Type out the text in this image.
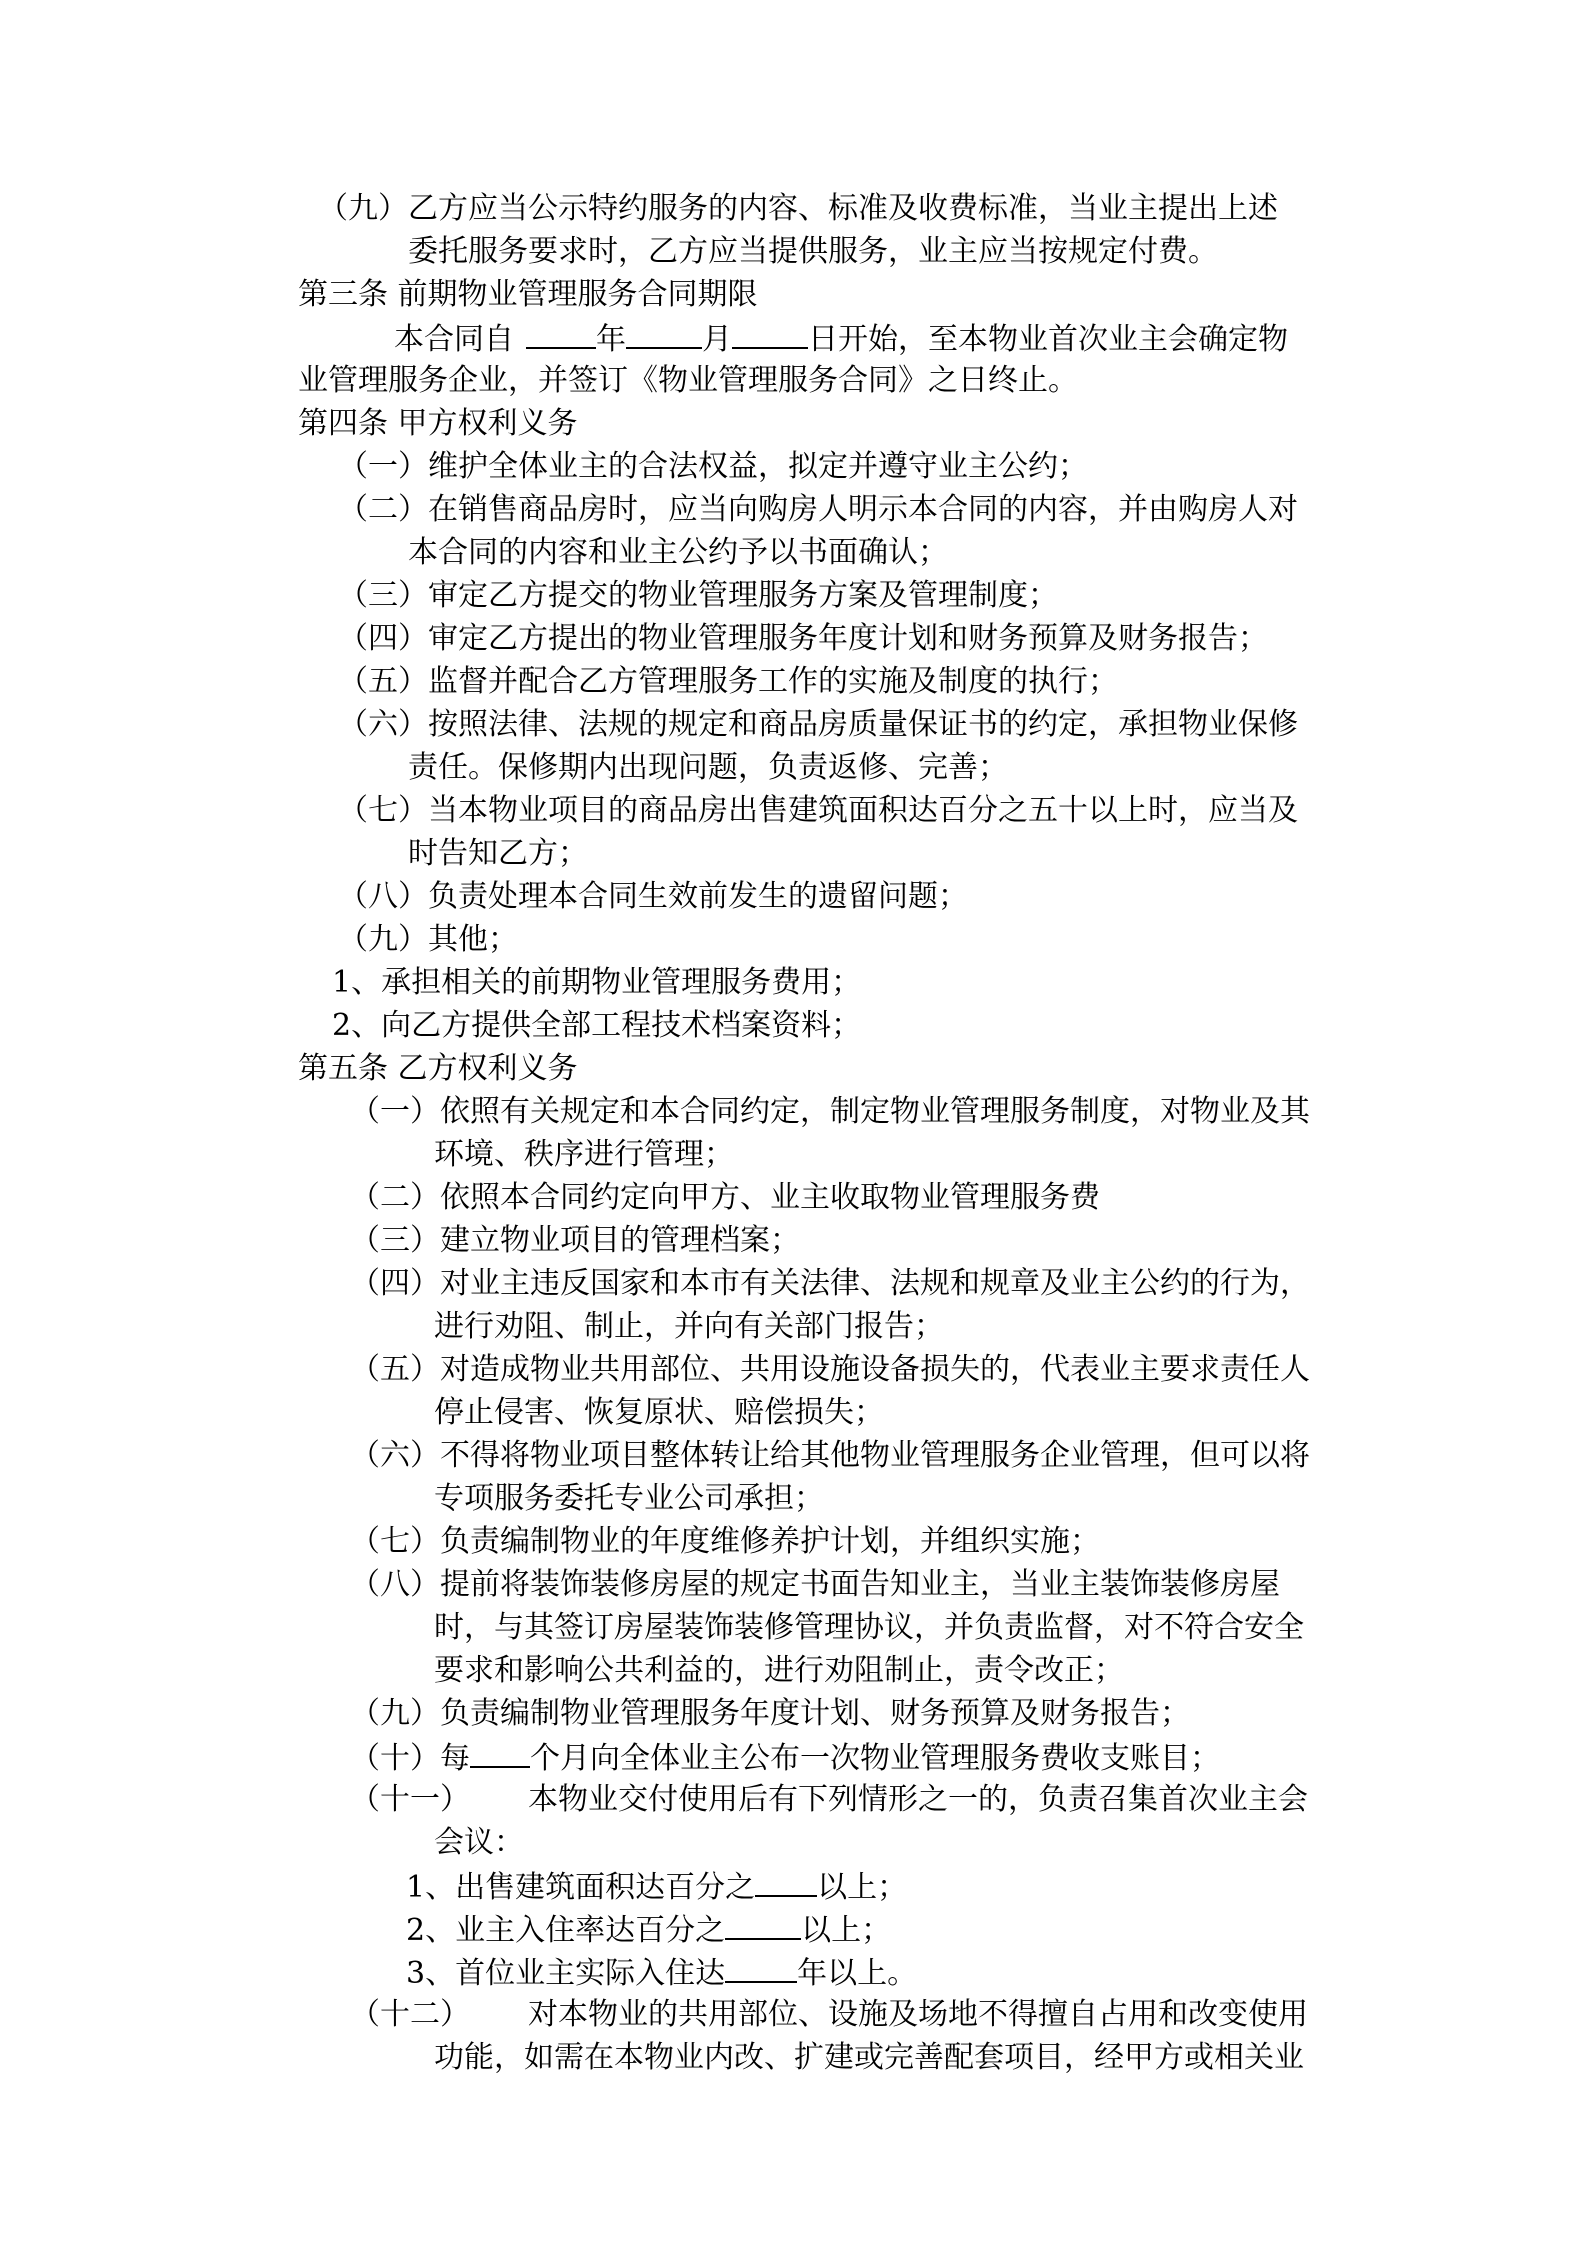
（九）乙方应当公示特约服务的内容、标准及收费标准，当业主提出上述
委托服务要求时，乙方应当提供服务，业主应当按规定付费。
第三条 前期物业管理服务合同期限
本合同自	年	月	日开始，至本物业首次业主会确定物
业管理服务企业，并签订《物业管理服务合同》之日终止。
第四条 甲方权利义务
（一）维护全体业主的合法权益，拟定并遵守业主公约；
（二）在销售商品房时，应当向购房人明示本合同的内容，并由购房人对
本合同的内容和业主公约予以书面确认；
（三）审定乙方提交的物业管理服务方案及管理制度；
（四）审定乙方提出的物业管理服务年度计划和财务预算及财务报告；
（五）监督并配合乙方管理服务工作的实施及制度的执行；
（六）按照法律、法规的规定和商品房质量保证书的约定，承担物业保修
责任。保修期内出现问题，负责返修、完善；
（七）当本物业项目的商品房出售建筑面积达百分之五十以上时，应当及
时告知乙方；
（八）负责处理本合同生效前发生的遗留问题；
（九）其他；
1、承担相关的前期物业管理服务费用；
2、向乙方提供全部工程技术档案资料；
第五条 乙方权利义务
（一）依照有关规定和本合同约定，制定物业管理服务制度，对物业及其
环境、秩序进行管理；
（二）依照本合同约定向甲方、业主收取物业管理服务费
（三）建立物业项目的管理档案；
（四）对业主违反国家和本市有关法律、法规和规章及业主公约的行为，
进行劝阻、制止，并向有关部门报告；
（五）对造成物业共用部位、共用设施设备损失的，代表业主要求责任人
停止侵害、恢复原状、赔偿损失；
（六）不得将物业项目整体转让给其他物业管理服务企业管理，但可以将
专项服务委托专业公司承担；
（七）负责编制物业的年度维修养护计划，并组织实施；
（八）提前将装饰装修房屋的规定书面告知业主，当业主装饰装修房屋
时，与其签订房屋装饰装修管理协议，并负责监督，对不符合安全
要求和影响公共利益的，进行劝阻制止，责令改正；
（九）负责编制物业管理服务年度计划、财务预算及财务报告；
（十）每 个月向全体业主公布一次物业管理服务费收支账目；
（十一） 本物业交付使用后有下列情形之一的，负责召集首次业主会
会议：
1、出售建筑面积达百分之 以上；
2、业主入住率达百分之	以上；
3、首位业主实际入住达 年以上。
（十二） 对本物业的共用部位、设施及场地不得擅自占用和改变使用
功能，如需在本物业内改、扩建或完善配套项目，经甲方或相关业
